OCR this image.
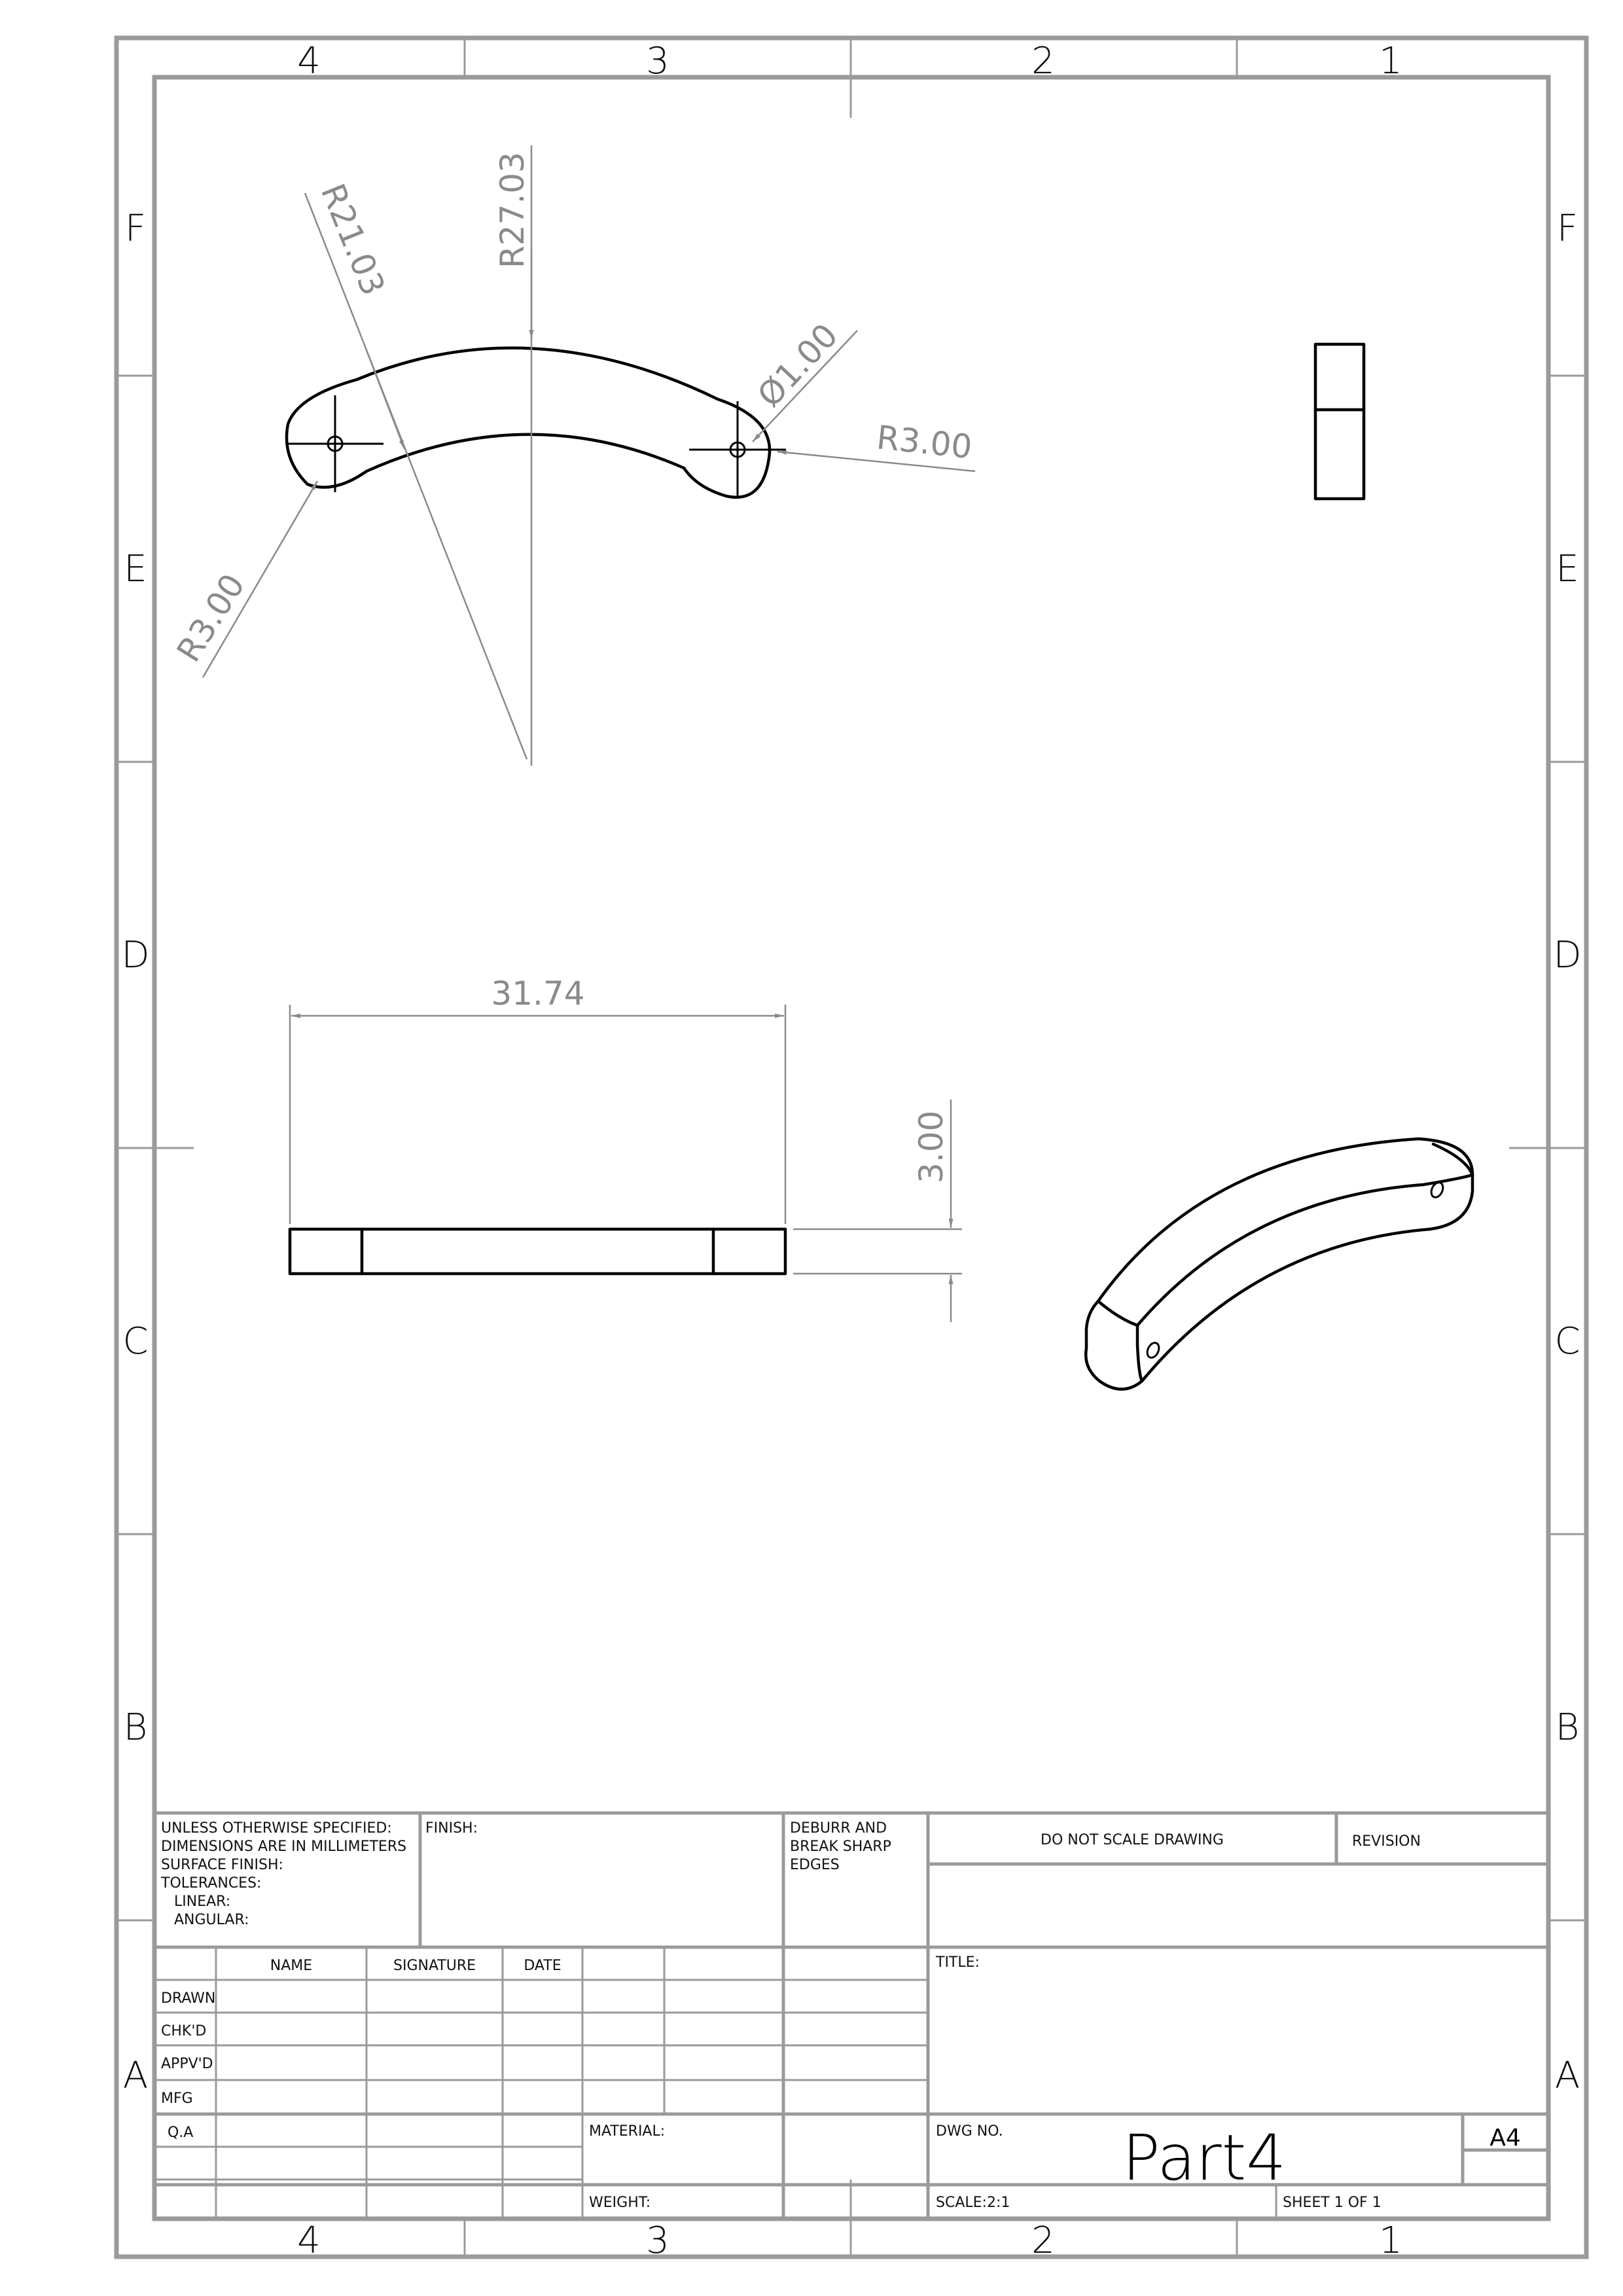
4	3	2	1
4	3	2	1
F
E
D
C
B
A
F
E
D
C
B
A
R27.03
R21.03
Ø1.00
R3.00
R3.00
31.74
3.00
UNLESS OTHERWISE SPECIFIED:
DIMENSIONS ARE IN MILLIMETERS
SURFACE FINISH:
TOLERANCES:
LINEAR:
ANGULAR:
FINISH:	DEBURR AND
BREAK SHARP
EDGES
DO NOT SCALE DRAWING	REVISION
NAME	SIGNATURE	DATE
DRAWN
CHK'D
APPV'D
MFG
Q.A
TITLE:
MATERIAL:	DWG NO. Part4	A4
WEIGHT:	SCALE:2:1	SHEET 1 OF 1
